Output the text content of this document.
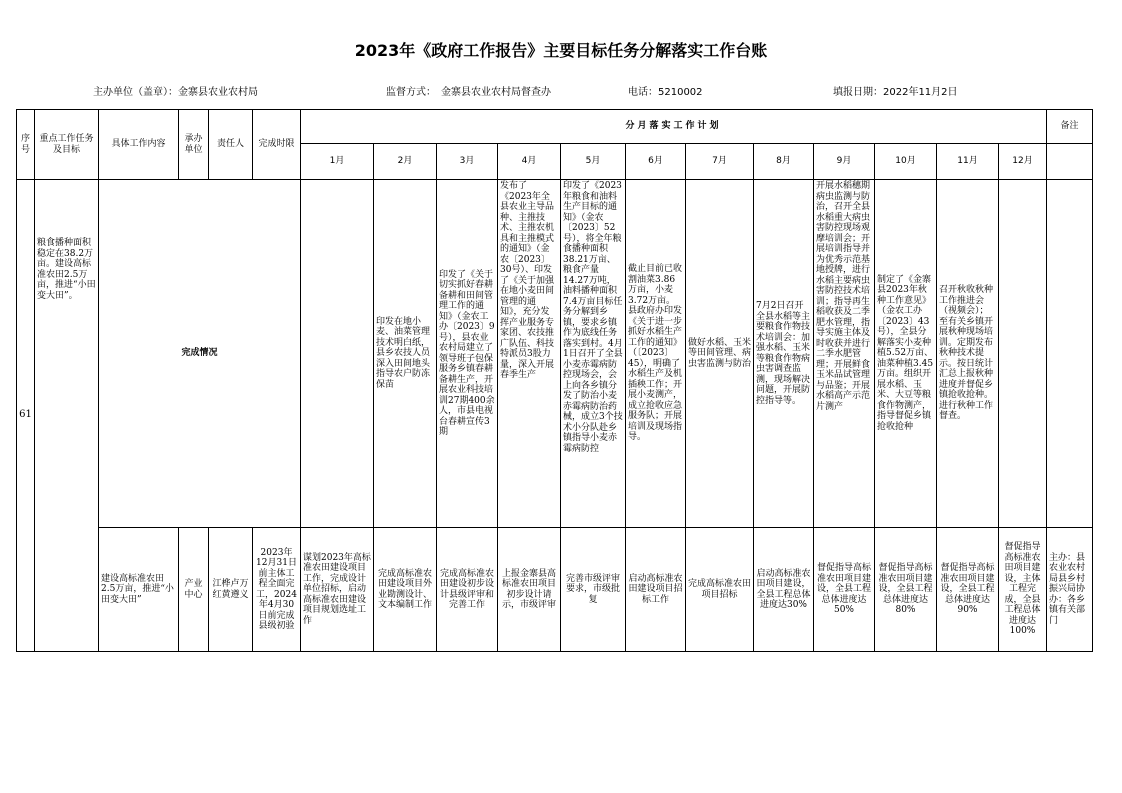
2023年《政府工作报告》主要目标任务分解落实工作台账
主办单位（盖章）：金寨县农业农村局	监督方式：　金寨县农业农村局督查办	电话：5210002	填报日期：2022年11月2日
序号	重点工作任务及目标	具体工作内容	承办单位	责任人	完成时限	分月落实工作计划												备注
						1月	2月	3月	4月	5月	6月	7月	8月	9月	10月	11月	12月	
61	粮食播种面积稳定在38.2万亩。建设高标准农田2.5万亩，推进“小田变大田”。	完成情况					印发在地小麦、油菜管理技术明白纸，县乡农技人员深入田间地头指导农户防冻保苗	印发了《关于切实抓好春耕备耕和田间管理工作的通知》（金农工办〔2023〕9号），县农业农村局建立了领导班子包保服务乡镇春耕备耕生产，开展农业科技培训27期400余人，市县电视台春耕宣传3期	发布了《2023年全县农业主导品种、主推技术、主推农机具和主推模式的通知》（金农〔2023〕30号）、印发了《关于加强在地小麦田间管理的通知》，充分发挥产业服务专家团、农技推广队伍、科技特派员3股力量，深入开展春季生产	印发了《2023年粮食和油料生产目标的通知》（金农〔2023〕52号），将全年粮食播种面积38.21万亩、粮食产量14.27万吨，油料播种面积7.4万亩目标任务分解到乡镇，要求乡镇作为底线任务落实到村。4月1日召开了全县小麦赤霉病防控现场会，会上向各乡镇分发了防治小麦赤霉病防治药械，成立3个技术小分队赴乡镇指导小麦赤霉病防控	截止目前已收割油菜3.86万亩，小麦3.72万亩。县政府办印发《关于进一步抓好水稻生产工作的通知》（〔2023〕45），明确了水稻生产及机插秧工作；开展小麦测产，成立抢收应急服务队；开展培训及现场指导。	做好水稻、玉米等田间管理、病虫害监测与防治	7月2日召开全县水稻等主要粮食作物技术培训会：加强水稻、玉米等粮食作物病虫害调查监测，现场解决问题，开展防控指导等。	开展水稻穗期病虫监测与防治，召开全县水稻重大病虫害防控现场观摩培训会；开展培训指导并为优秀示范基地授牌，进行水稻主要病虫害防控技术培训；指导再生稻收获及二季肥水管理，指导实施主体及时收获并进行二季水肥管理；开展鲜食玉米品试管理与品鉴；开展水稻高产示范片测产	制定了《金寨县2023年秋种工作意见》（金农工办〔2023〕43号），全县分解落实小麦种植5.52万亩、油菜种植3.45万亩。组织开展水稻、玉米、大豆等粮食作物测产，指导督促乡镇抢收抢种	召开秋收秋种工作推进会（视频会）；至有关乡镇开展秋种现场培训。定期发布秋种技术提示。按日统计汇总上报秋种进度并督促乡镇抢收抢种。进行秋种工作督查。		
		建设高标准农田2.5万亩，推进“小田变大田”	产业中心	江桦卢万红黄遵义	2023年12月31日前主体工程全面完工，2024年4月30日前完成县级初验	谋划2023年高标准农田建设项目工作，完成设计单位招标，启动高标准农田建设项目规划选址工作	完成高标准农田建设项目外业勘测设计、文本编制工作	完成高标准农田建设初步设计县级评审和完善工作	上报金寨县高标准农田项目初步设计请示，市级评审	完善市级评审要求，市级批复	启动高标准农田建设项目招标工作	完成高标准农田项目招标	启动高标准农田项目建设，全县工程总体进度达30%	督促指导高标准农田项目建设，全县工程总体进度达50%	督促指导高标准农田项目建设，全县工程总体进度达80%	督促指导高标准农田项目建设，全县工程总体进度达90%	督促指导高标准农田项目建设，主体工程完成，全县工程总体进度达100%	主办：县农业农村局县乡村振兴局协办：各乡镇有关部门
